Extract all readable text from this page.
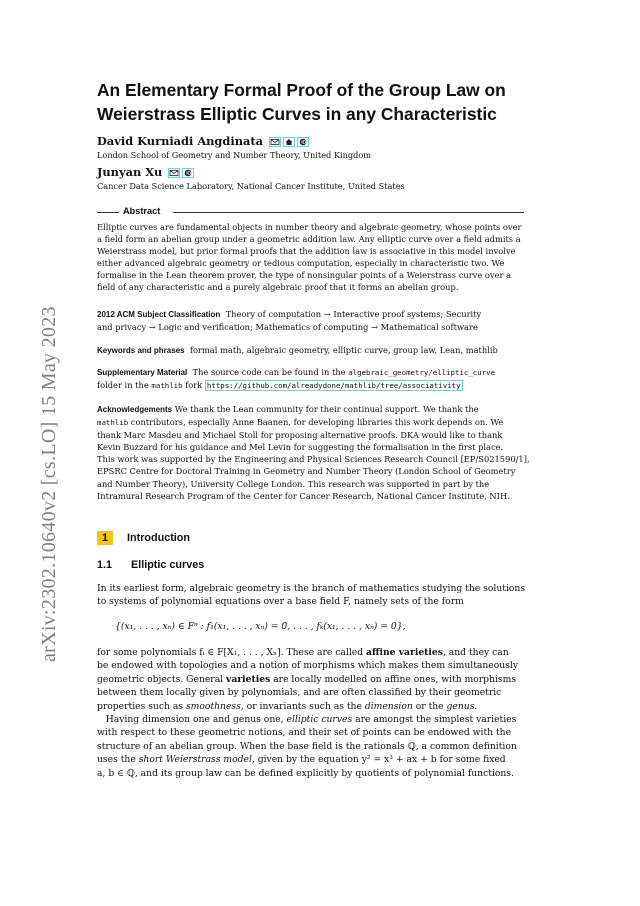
arXiv:2302.10640v2 [cs.LO] 15 May 2023
An Elementary Formal Proof of the Group Law on
Weierstrass Elliptic Curves in any Characteristic
David Kurniadi Angdinata
London School of Geometry and Number Theory, United Kingdom
Junyan Xu
Cancer Data Science Laboratory, National Cancer Institute, United States
Abstract
Elliptic curves are fundamental objects in number theory and algebraic geometry, whose points over
a field form an abelian group under a geometric addition law. Any elliptic curve over a field admits a
Weierstrass model, but prior formal proofs that the addition law is associative in this model involve
either advanced algebraic geometry or tedious computation, especially in characteristic two. We
formalise in the Lean theorem prover, the type of nonsingular points of a Weierstrass curve over a
field of any characteristic and a purely algebraic proof that it forms an abelian group.
2012 ACM Subject Classification Theory of computation → Interactive proof systems; Security
and privacy → Logic and verification; Mathematics of computing → Mathematical software
Keywords and phrases formal math, algebraic geometry, elliptic curve, group law, Lean, mathlib
Supplementary Material The source code can be found in the algebraic_geometry/elliptic_curve
folder in the mathlib fork https://github.com/alreadydone/mathlib/tree/associativity
Acknowledgements We thank the Lean community for their continual support. We thank the
mathlib contributors, especially Anne Baanen, for developing libraries this work depends on. We
thank Marc Masdeu and Michael Stoll for proposing alternative proofs. DKA would like to thank
Kevin Buzzard for his guidance and Mel Levin for suggesting the formalisation in the first place.
This work was supported by the Engineering and Physical Sciences Research Council [EP/S021590/1],
EPSRC Centre for Doctoral Training in Geometry and Number Theory (London School of Geometry
and Number Theory), University College London. This research was supported in part by the
Intramural Research Program of the Center for Cancer Research, National Cancer Institute, NIH.
1 Introduction
1.1 Elliptic curves
In its earliest form, algebraic geometry is the branch of mathematics studying the solutions
to systems of polynomial equations over a base field F, namely sets of the form
{(x₁, . . . , xₙ) ∈ Fⁿ : f₁(x₁, . . . , xₙ) = 0, . . . , fₖ(x₁, . . . , xₙ) = 0},
for some polynomials fᵢ ∈ F[X₁, . . . , Xₙ]. These are called affine varieties, and they can
be endowed with topologies and a notion of morphisms which makes them simultaneously
geometric objects. General varieties are locally modelled on affine ones, with morphisms
between them locally given by polynomials, and are often classified by their geometric
properties such as smoothness, or invariants such as the dimension or the genus.
Having dimension one and genus one, elliptic curves are amongst the simplest varieties
with respect to these geometric notions, and their set of points can be endowed with the
structure of an abelian group. When the base field is the rationals ℚ, a common definition
uses the short Weierstrass model, given by the equation y² = x³ + ax + b for some fixed
a, b ∈ ℚ, and its group law can be defined explicitly by quotients of polynomial functions.
